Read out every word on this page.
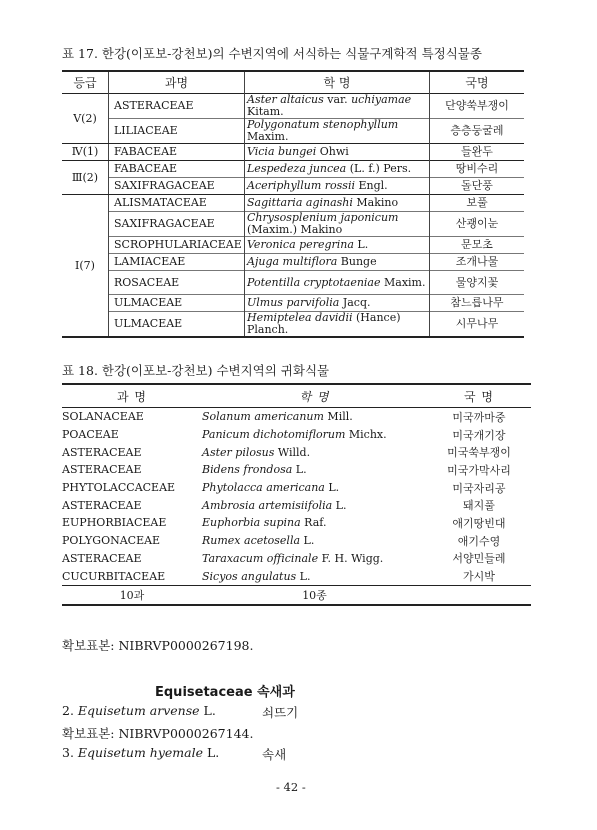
표 17. 한강(이포보-강천보)의 수변지역에 서식하는 식물구계학적 특정식물종
등급	과명	학 명	국명
Ⅴ(2)	ASTERACEAE	Aster altaicus var. uchiyamae Kitam.	단양쑥부쟁이
	LILIACEAE	Polygonatum stenophyllum Maxim.	층층둥굴레
Ⅳ(1)	FABACEAE	Vicia bungei Ohwi	들완두
Ⅲ(2)	FABACEAE	Lespedeza juncea (L. f.) Pers.	땅비수리
	SAXIFRAGACEAE	Aceriphyllum rossii Engl.	돌단풍
Ⅰ(7)	ALISMATACEAE	Sagittaria aginashi Makino	보풀
	SAXIFRAGACEAE	Chrysosplenium japonicum (Maxim.) Makino	산괭이눈
	SCROPHULARIACEAE	Veronica peregrina L.	문모초
	LAMIACEAE	Ajuga multiflora Bunge	조개나물
	ROSACEAE	Potentilla cryptotaeniae Maxim.	물양지꽃
	ULMACEAE	Ulmus parvifolia Jacq.	참느릅나무
	ULMACEAE	Hemiptelea davidii (Hance) Planch.	시무나무
표 18. 한강(이포보-강천보) 수변지역의 귀화식물
과 명	학 명	국 명
SOLANACEAE	Solanum americanum Mill.	미국까마중
POACEAE	Panicum dichotomiflorum Michx.	미국개기장
ASTERACEAE	Aster pilosus Willd.	미국쑥부쟁이
ASTERACEAE	Bidens frondosa L.	미국가막사리
PHYTOLACCACEAE	Phytolacca americana L.	미국자리공
ASTERACEAE	Ambrosia artemisiifolia L.	돼지풀
EUPHORBIACEAE	Euphorbia supina Raf.	애기땅빈대
POLYGONACEAE	Rumex acetosella L.	애기수영
ASTERACEAE	Taraxacum officinale F. H. Wigg.	서양민들레
CUCURBITACEAE	Sicyos angulatus L.	가시박
10과	10종	
확보표본: NIBRVP0000267198.
Equisetaceae 속새과
2. Equisetum arvense L.	쇠뜨기
확보표본: NIBRVP0000267144.
3. Equisetum hyemale L.	속새
- 42 -
